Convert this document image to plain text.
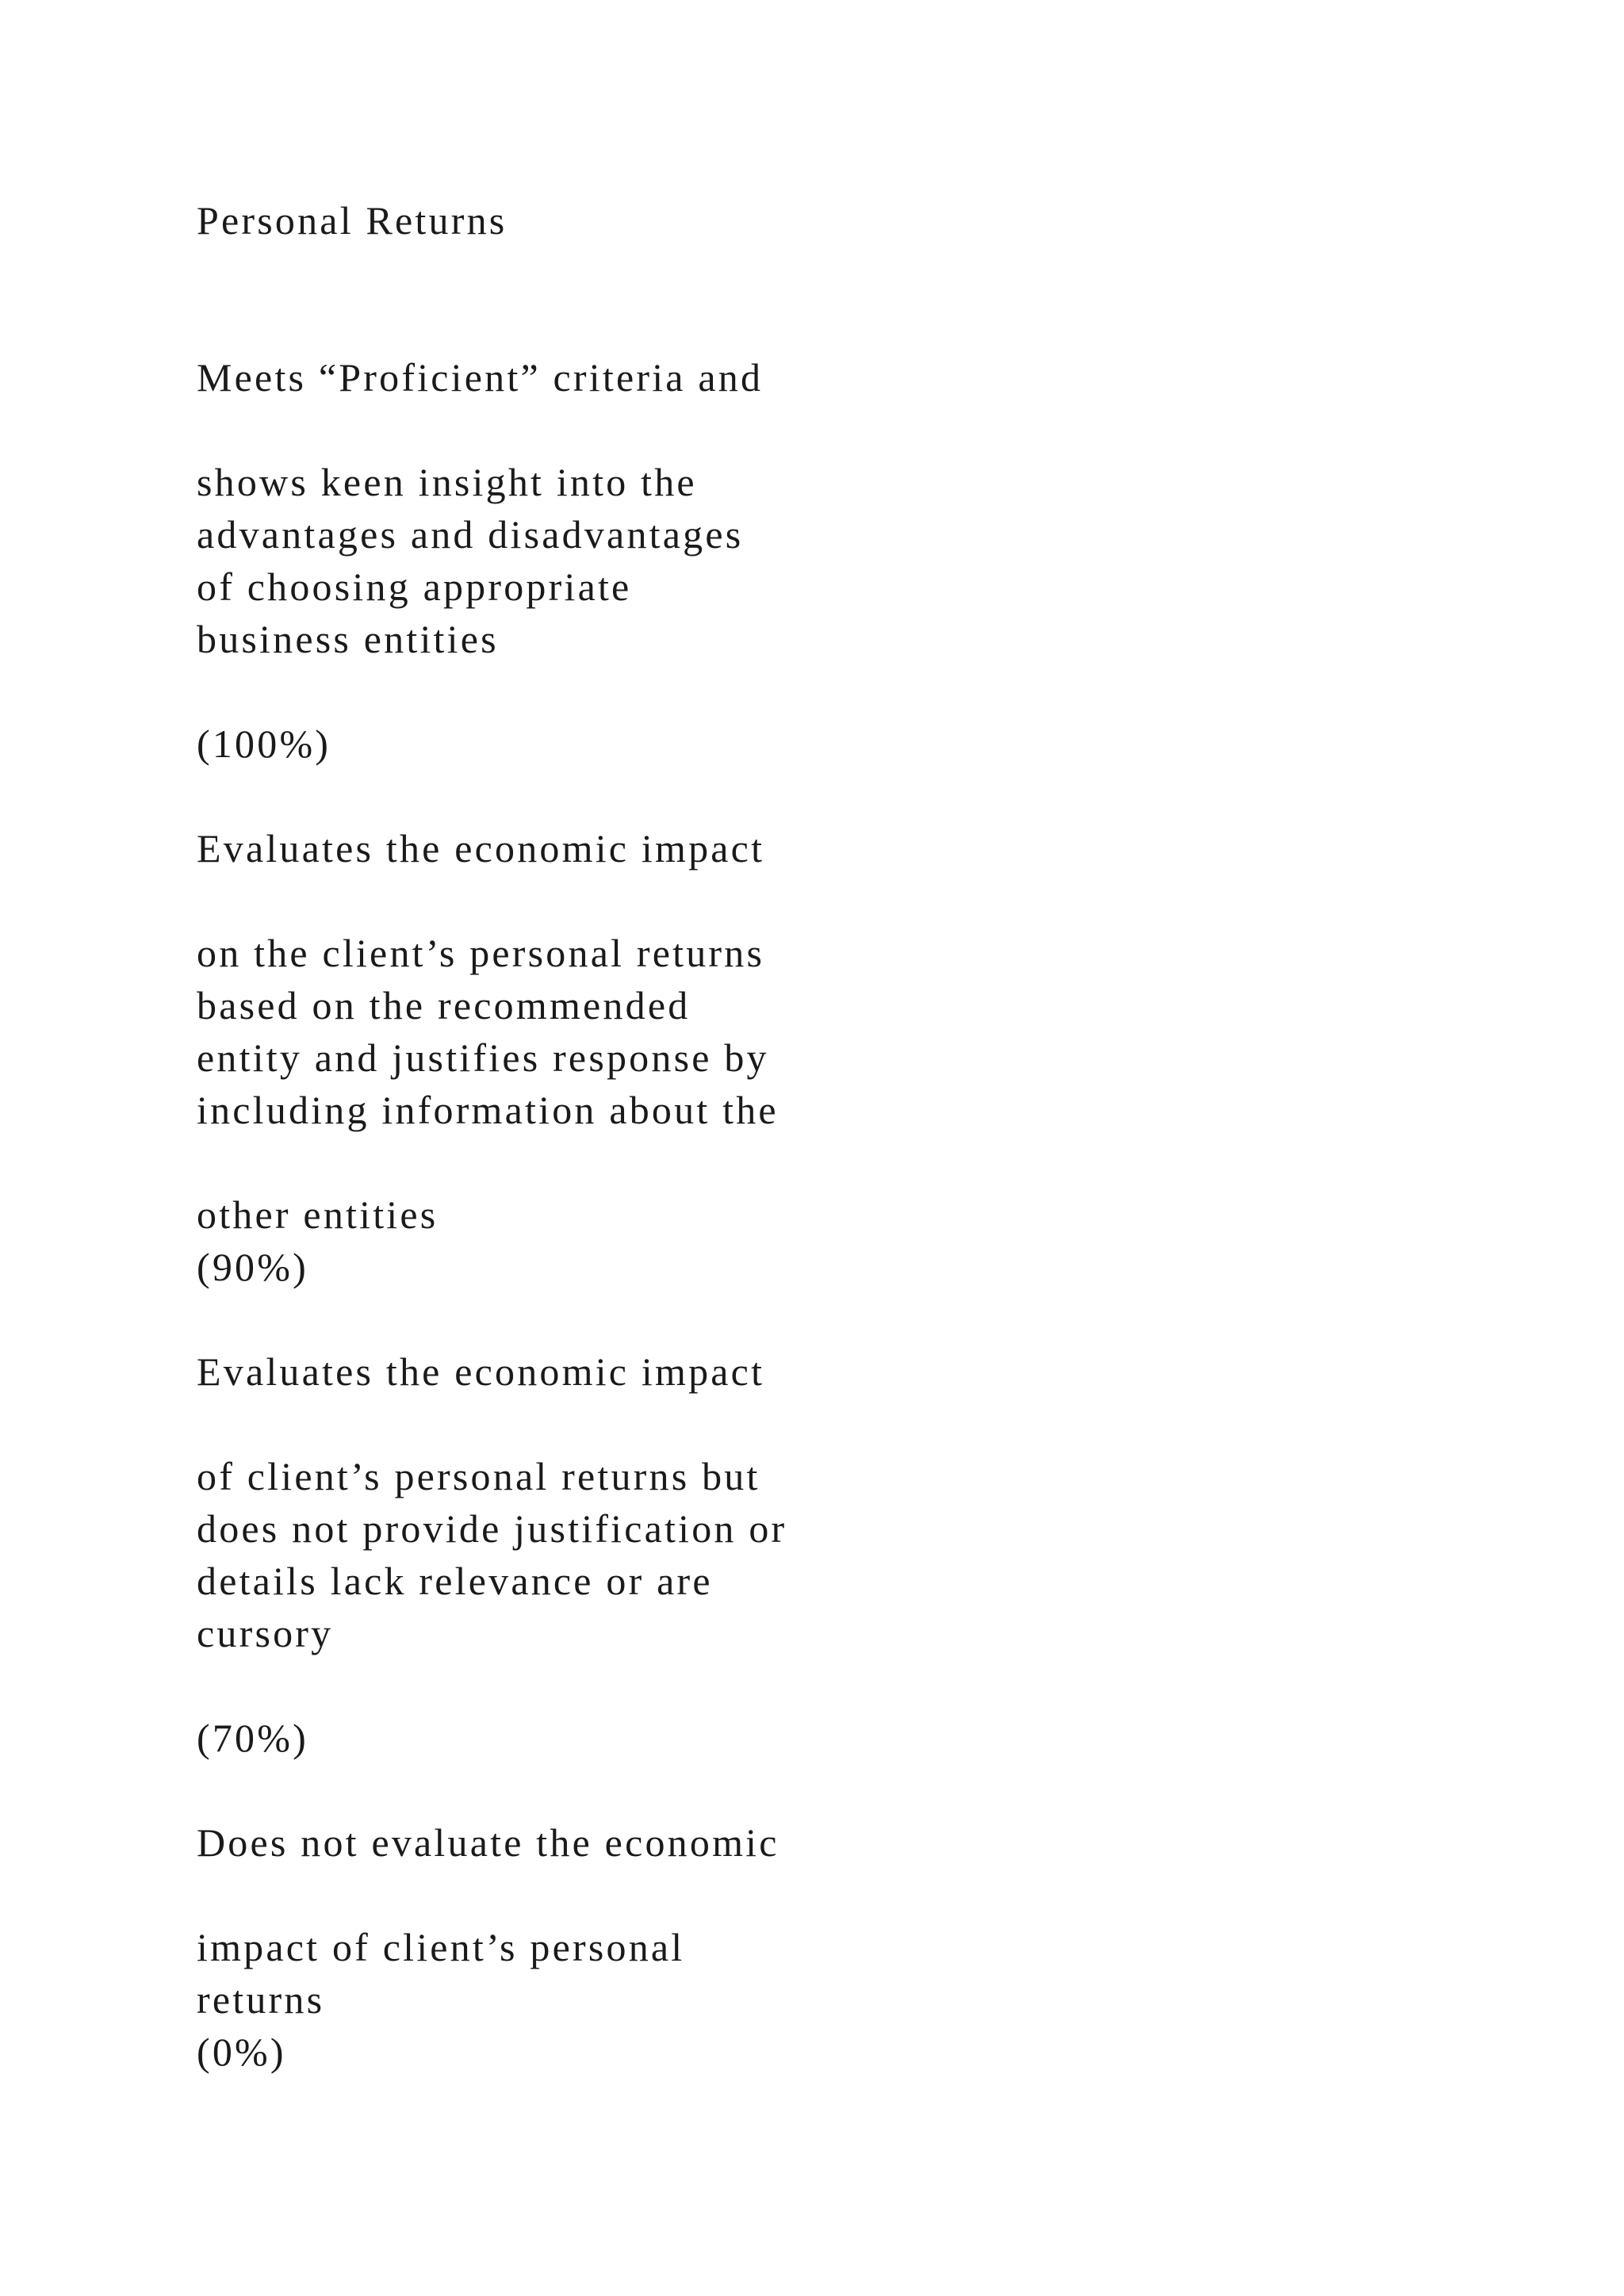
Personal Returns

Meets “Proficient” criteria and

shows keen insight into the

advantages and disadvantages

of choosing appropriate

business entities

(100%)

Evaluates the economic impact

on the client’s personal returns

based on the recommended

entity and justifies response by

including information about the

other entities

(90%)

Evaluates the economic impact

of client’s personal returns but

does not provide justification or

details lack relevance or are

cursory

(70%)

Does not evaluate the economic

impact of client’s personal

returns

(0%)
